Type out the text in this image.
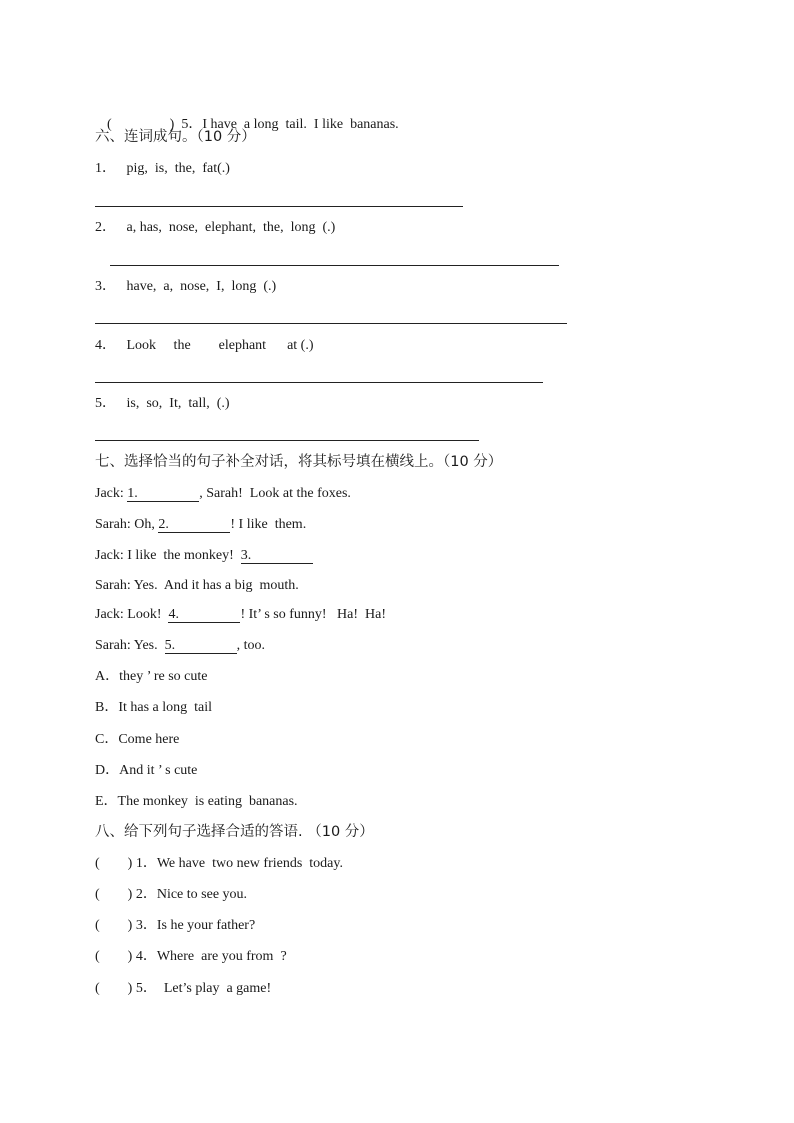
(	) 5．I have  a long  tail.  I like  bananas.

六、连词成句。（10 分）
1． pig,  is,  the,  fat(.)
2． a, has,  nose,  elephant,  the,  long  (.)
3． have,  a,  nose,  I,  long  (.)
4． Look     the        elephant      at (.)
5． is,  so,  It,  tall,  (.)
七、选择恰当的句子补全对话，将其标号填在横线上。（10 分）
Jack: 1.	, Sarah!  Look at the foxes.
Sarah: Oh, 2.	! I like  them.
Jack: I like  the monkey!  3.
Sarah: Yes.  And it has a big  mouth.
Jack: Look!  4.	! It’ s so funny!   Ha!  Ha!
Sarah: Yes.  5.	, too.
A．they ’ re so cute
B．It has a long  tail
C．Come here
D．And it ’ s cute
E．The monkey  is eating  bananas.
八、给下列句子选择合适的答语. （10 分）
( ) 1．We have  two new friends  today.
( ) 2．Nice to see you.
( ) 3．Is he your father?
( ) 4．Where  are you from  ?
( ) 5．  Let’s play  a game!
